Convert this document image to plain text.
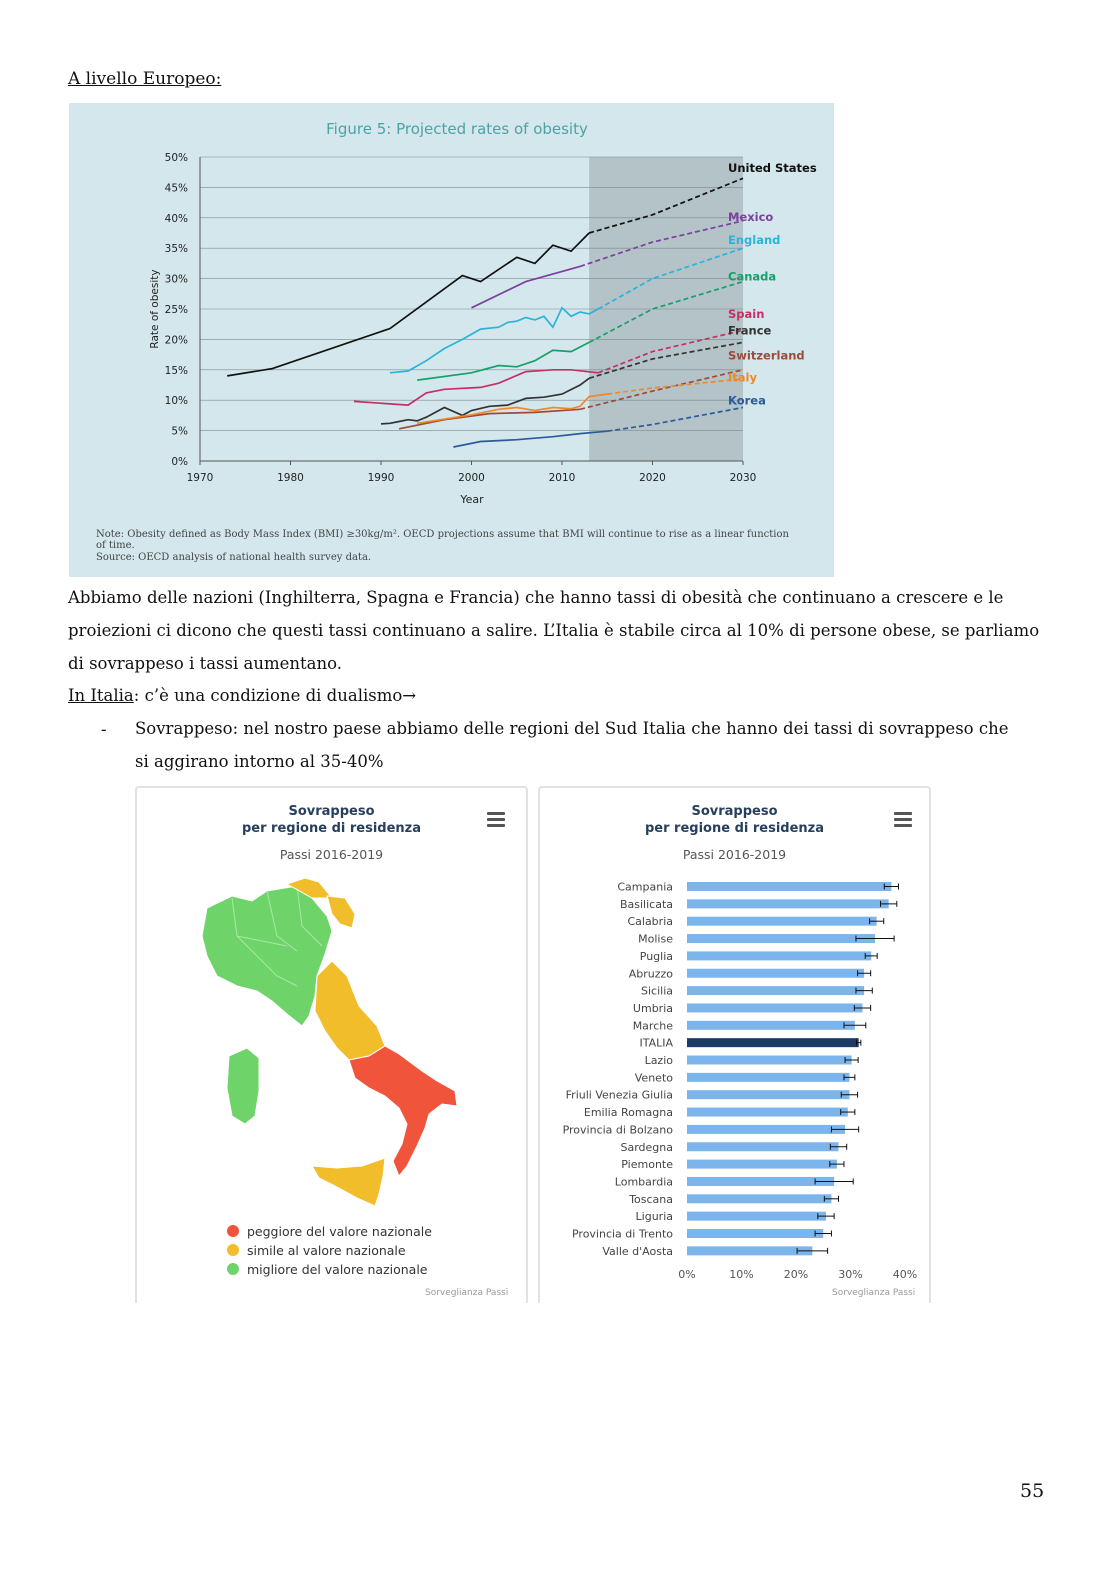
A livello Europeo:
Figure 5: Projected rates of obesity
0%
5%
10%
15%
20%
25%
30%
35%
40%
45%
50%
1970	1980	1990	2000	2010	2020	2030
Year
Rate of obesity
United States
Mexico
England
Canada
Spain
France
Switzerland
Italy
Korea
Note: Obesity defined as Body Mass Index (BMI) ≥30kg/m². OECD projections assume that BMI will continue to rise as a linear function of time.
Source: OECD analysis of national health survey data.
Abbiamo delle nazioni (Inghilterra, Spagna e Francia) che hanno tassi di obesità che continuano a crescere e le proiezioni ci dicono che questi tassi continuano a salire. L’Italia è stabile circa al 10% di persone obese, se parliamo di sovrappeso i tassi aumentano.
In Italia: c’è una condizione di dualismo→
- Sovrappeso: nel nostro paese abbiamo delle regioni del Sud Italia che hanno dei tassi di sovrappeso che si aggirano intorno al 35-40%
Sovrappeso
per regione di residenza
Passi 2016-2019
peggiore del valore nazionale
simile al valore nazionale
migliore del valore nazionale
Sorveglianza Passi
Sovrappeso
per regione di residenza
Passi 2016-2019
Campania
Basilicata
Calabria
Molise
Puglia
Abruzzo
Sicilia
Umbria
Marche
ITALIA
Lazio
Veneto
Friuli Venezia Giulia
Emilia Romagna
Provincia di Bolzano
Sardegna
Piemonte
Lombardia
Toscana
Liguria
Provincia di Trento
Valle d'Aosta
0%	10%	20%	30%	40%
Sorveglianza Passi
55
